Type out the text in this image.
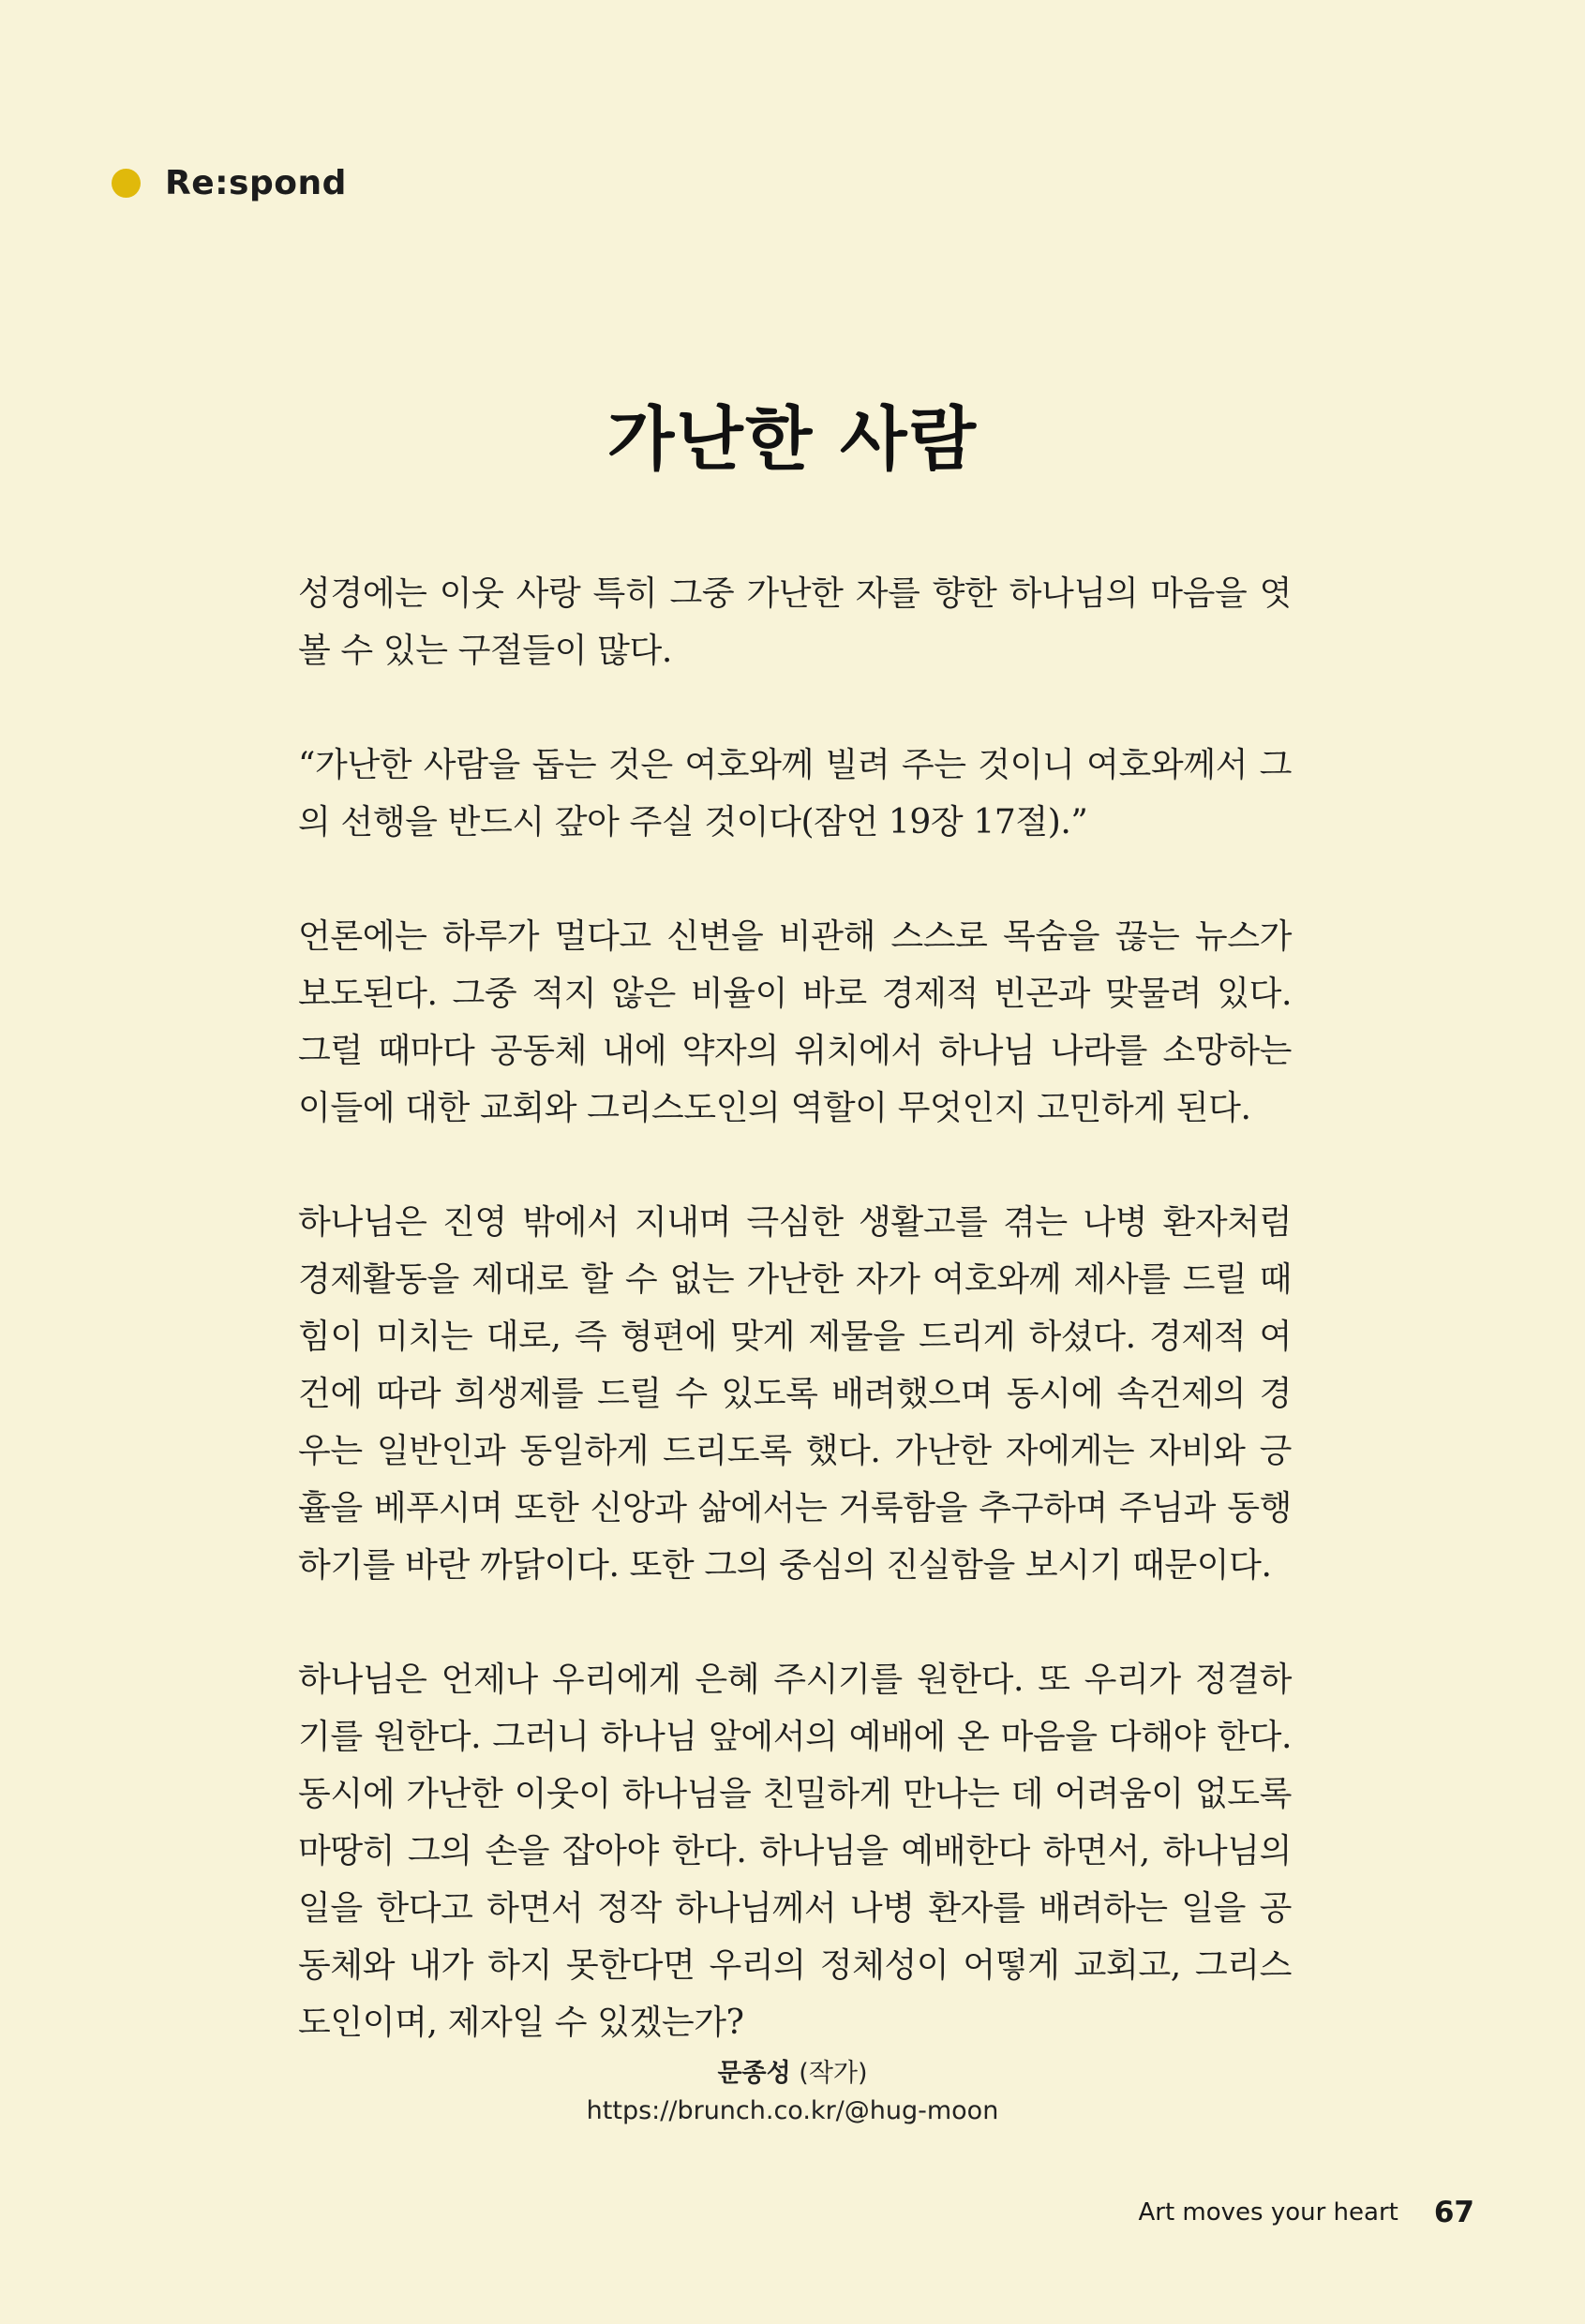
Re:spond
가난한 사람

성경에는 이웃 사랑 특히 그중 가난한 자를 향한 하나님의 마음을 엿볼 수 있는 구절들이 많다.

“가난한 사람을 돕는 것은 여호와께 빌려 주는 것이니 여호와께서 그의 선행을 반드시 갚아 주실 것이다(잠언 19장 17절).”

언론에는 하루가 멀다고 신변을 비관해 스스로 목숨을 끊는 뉴스가 보도된다. 그중 적지 않은 비율이 바로 경제적 빈곤과 맞물려 있다. 그럴 때마다 공동체 내에 약자의 위치에서 하나님 나라를 소망하는 이들에 대한 교회와 그리스도인의 역할이 무엇인지 고민하게 된다.

하나님은 진영 밖에서 지내며 극심한 생활고를 겪는 나병 환자처럼 경제활동을 제대로 할 수 없는 가난한 자가 여호와께 제사를 드릴 때 힘이 미치는 대로, 즉 형편에 맞게 제물을 드리게 하셨다. 경제적 여건에 따라 희생제를 드릴 수 있도록 배려했으며 동시에 속건제의 경우는 일반인과 동일하게 드리도록 했다. 가난한 자에게는 자비와 긍휼을 베푸시며 또한 신앙과 삶에서는 거룩함을 추구하며 주님과 동행하기를 바란 까닭이다. 또한 그의 중심의 진실함을 보시기 때문이다.

하나님은 언제나 우리에게 은혜 주시기를 원한다. 또 우리가 정결하기를 원한다. 그러니 하나님 앞에서의 예배에 온 마음을 다해야 한다. 동시에 가난한 이웃이 하나님을 친밀하게 만나는 데 어려움이 없도록 마땅히 그의 손을 잡아야 한다. 하나님을 예배한다 하면서, 하나님의 일을 한다고 하면서 정작 하나님께서 나병 환자를 배려하는 일을 공동체와 내가 하지 못한다면 우리의 정체성이 어떻게 교회고, 그리스도인이며, 제자일 수 있겠는가?

문종성 (작가)
https://brunch.co.kr/@hug-moon
Art moves your heart 67
